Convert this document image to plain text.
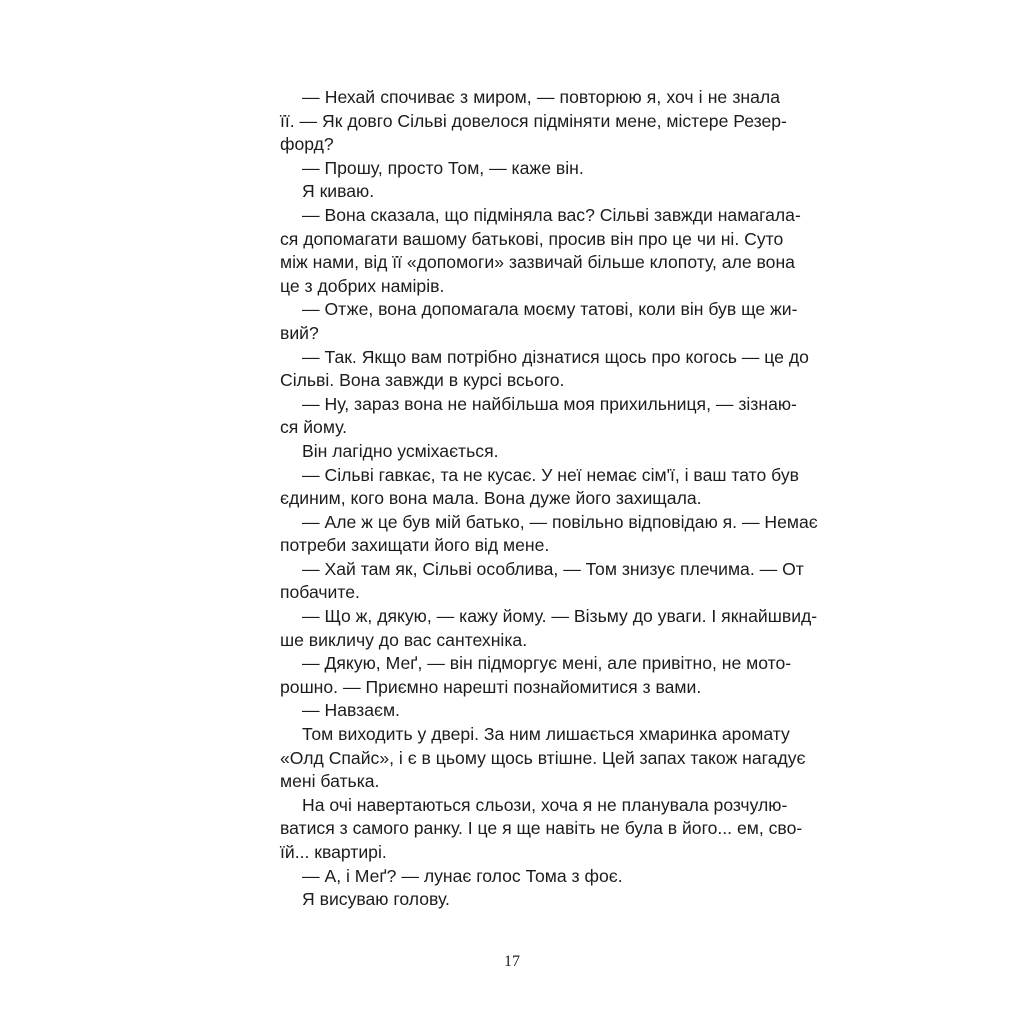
— Нехай спочиває з миром, — повторюю я, хоч і не знала
її. — Як довго Сільві довелося підміняти мене, містере Резер-
форд?
— Прошу, просто Том, — каже він.
Я киваю.
— Вона сказала, що підміняла вас? Сільві завжди намагала-
ся допомагати вашому батькові, просив він про це чи ні. Суто
між нами, від її «допомоги» зазвичай більше клопоту, але вона
це з добрих намірів.
— Отже, вона допомагала моєму татові, коли він був ще жи-
вий?
— Так. Якщо вам потрібно дізнатися щось про когось — це до
Сільві. Вона завжди в курсі всього.
— Ну, зараз вона не найбільша моя прихильниця, — зізнаю-
ся йому.
Він лагідно усміхається.
— Сільві гавкає, та не кусає. У неї немає сім'ї, і ваш тато був
єдиним, кого вона мала. Вона дуже його захищала.
— Але ж це був мій батько, — повільно відповідаю я. — Немає
потреби захищати його від мене.
— Хай там як, Сільві особлива, — Том знизує плечима. — От
побачите.
— Що ж, дякую, — кажу йому. — Візьму до уваги. І якнайшвид-
ше викличу до вас сантехніка.
— Дякую, Меґ, — він підморгує мені, але привітно, не мото-
рошно. — Приємно нарешті познайомитися з вами.
— Навзаєм.
Том виходить у двері. За ним лишається хмаринка аромату
«Олд Спайс», і є в цьому щось втішне. Цей запах також нагадує
мені батька.
На очі навертаються сльози, хоча я не планувала розчулю-
ватися з самого ранку. І це я ще навіть не була в його... ем, сво-
їй... квартирі.
— А, і Меґ? — лунає голос Тома з фоє.
Я висуваю голову.
17
